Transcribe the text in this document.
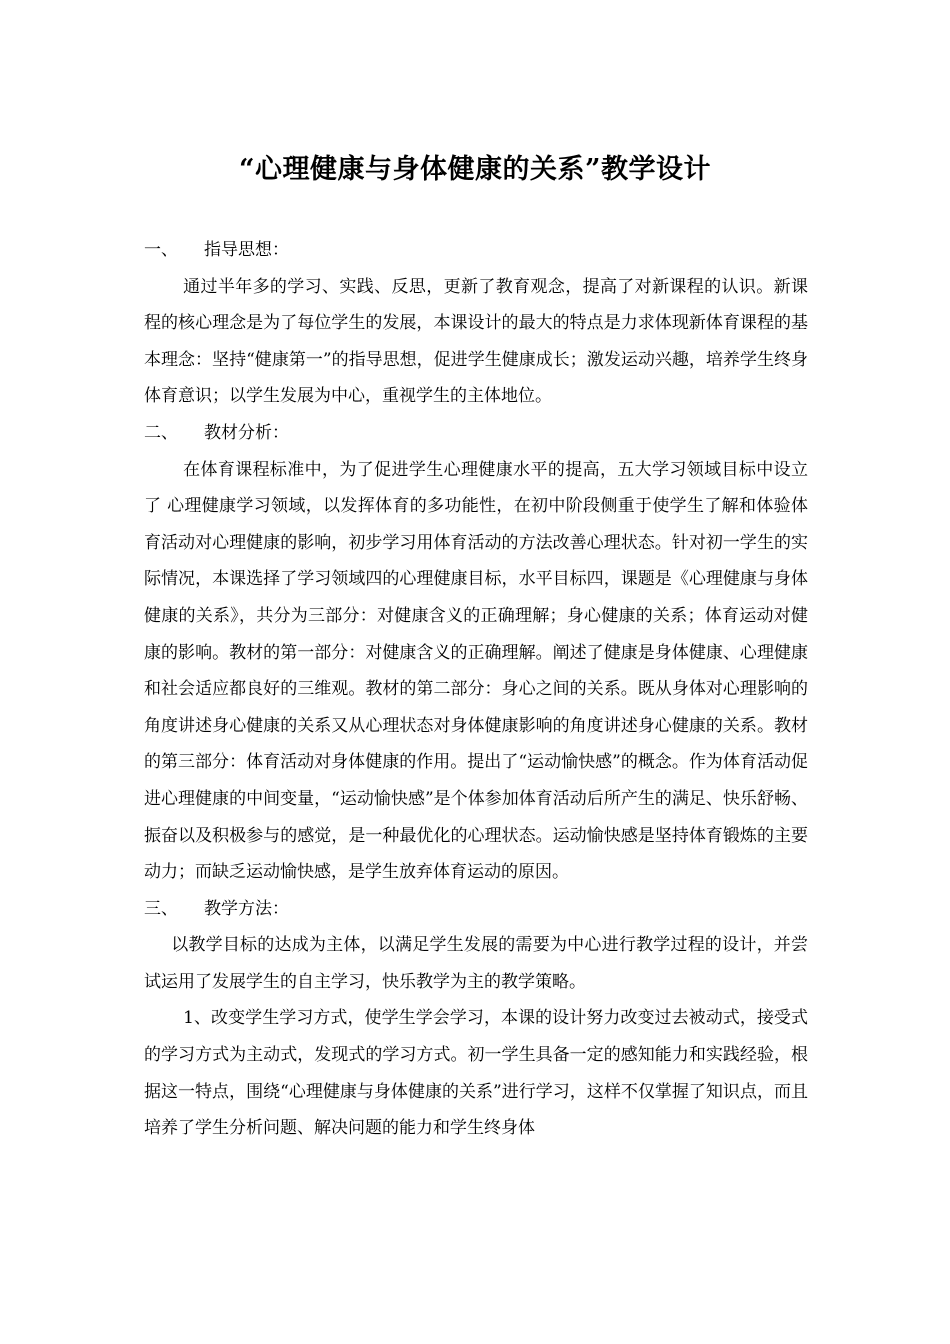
“心理健康与身体健康的关系”教学设计
一、 指导思想：

通过半年多的学习、实践、反思，更新了教育观念，提高了对新课程的认识。新课程的核心理念是为了每位学生的发展，本课设计的最大的特点是力求体现新体育课程的基本理念：坚持“健康第一”的指导思想，促进学生健康成长；激发运动兴趣，培养学生终身体育意识；以学生发展为中心，重视学生的主体地位。

二、 教材分析：

在体育课程标准中，为了促进学生心理健康水平的提高，五大学习领域目标中设立了 心理健康学习领域，以发挥体育的多功能性，在初中阶段侧重于使学生了解和体验体育活动对心理健康的影响，初步学习用体育活动的方法改善心理状态。针对初一学生的实际情况，本课选择了学习领域四的心理健康目标，水平目标四，课题是《心理健康与身体健康的关系》，共分为三部分：对健康含义的正确理解；身心健康的关系；体育运动对健康的影响。教材的第一部分：对健康含义的正确理解。阐述了健康是身体健康、心理健康和社会适应都良好的三维观。教材的第二部分：身心之间的关系。既从身体对心理影响的角度讲述身心健康的关系又从心理状态对身体健康影响的角度讲述身心健康的关系。教材的第三部分：体育活动对身体健康的作用。提出了“运动愉快感”的概念。作为体育活动促进心理健康的中间变量，“运动愉快感”是个体参加体育活动后所产生的满足、快乐舒畅、振奋以及积极参与的感觉，是一种最优化的心理状态。运动愉快感是坚持体育锻炼的主要动力；而缺乏运动愉快感，是学生放弃体育运动的原因。

三、 教学方法：

以教学目标的达成为主体，以满足学生发展的需要为中心进行教学过程的设计，并尝试运用了发展学生的自主学习，快乐教学为主的教学策略。

1、改变学生学习方式，使学生学会学习，本课的设计努力改变过去被动式，接受式的学习方式为主动式，发现式的学习方式。初一学生具备一定的感知能力和实践经验，根据这一特点，围绕“心理健康与身体健康的关系”进行学习，这样不仅掌握了知识点，而且培养了学生分析问题、解决问题的能力和学生终身体
